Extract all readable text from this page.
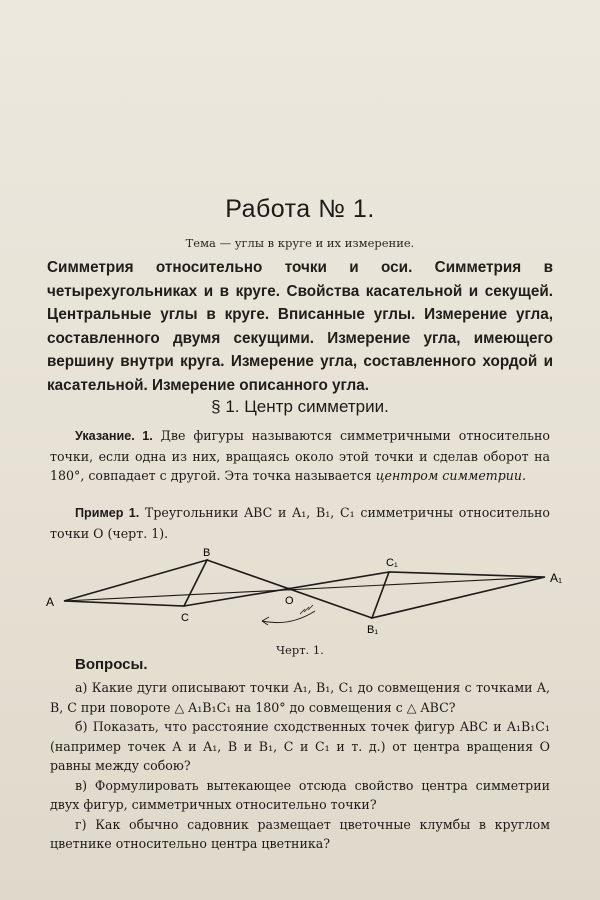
Работа № 1.
Тема — углы в круге и их измерение.
Симметрия относительно точки и оси. Симметрия в четырехугольниках и в круге. Свойства касательной и секущей. Центральные углы в круге. Вписанные углы. Измерение угла, составленного двумя секущими. Измерение угла, имеющего вершину внутри круга. Измерение угла, составленного хордой и касательной. Измерение описанного угла.
§ 1. Центр симметрии.

Указание. 1. Две фигуры называются симметричными относительно точки, если одна из них, вращаясь около этой точки и сделав оборот на 180°, совпадает с другой. Эта точка называется центром симметрии.

Пример 1. Треугольники ABC и A₁, B₁, C₁ симметричны относительно точки O (черт. 1).

A
B
C
O
C₁
A₁
B₁
Черт. 1.
Вопросы.

а) Какие дуги описывают точки A₁, B₁, C₁ до совмещения с точками A, B, C при повороте △ A₁B₁C₁ на 180° до совмещения с △ ABC?

б) Показать, что расстояние сходственных точек фигур ABC и A₁B₁C₁ (например точек A и A₁, B и B₁, C и C₁ и т. д.) от центра вращения O равны между собою?

в) Формулировать вытекающее отсюда свойство центра симметрии двух фигур, симметричных относительно точки?

г) Как обычно садовник размещает цветочные клумбы в круглом цветнике относительно центра цветника?
